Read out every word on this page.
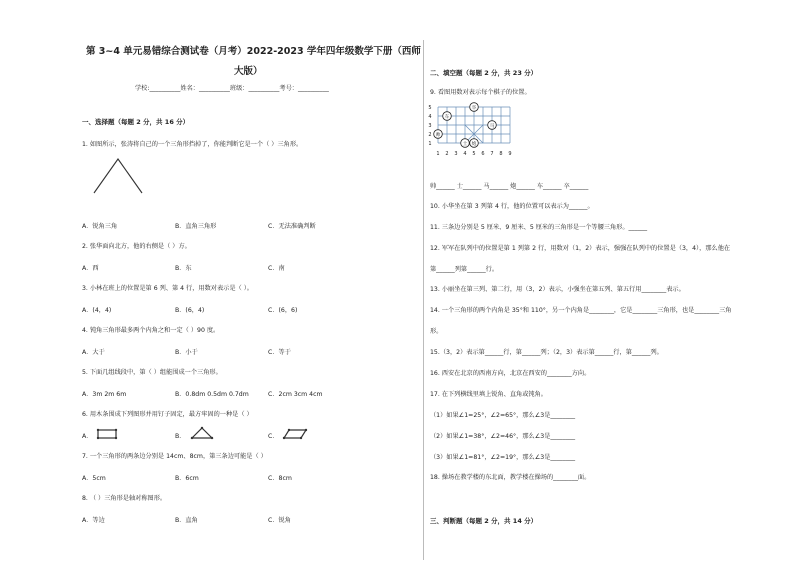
第 3~4 单元易错综合测试卷（月考）2022-2023 学年四年级数学下册（西师
大版）
学校:__________姓名：__________班级：__________考号：__________
一、选择题（每题 2 分，共 16 分）
1. 如图所示，张涛将自己的一个三角形挡掉了，你能判断它是一个（ ）三角形。
A．锐角三角	B．直角三角形	C．无法准确判断
2. 张华面向北方，他的右侧是（ ）方。
A．西	B．东	C．南
3. 小林在班上的位置是第 6 列、第 4 行，用数对表示是（ ）。
A．(4，4)	B．(6，4)	C．(6，6)
4. 钝角三角形最多两个内角之和一定（ ）90 度。
A．大于	B．小于	C．等于
5. 下面几组线段中，第（ ）组能围成一个三角形。
A．3m 2m 6m	B．0.8dm 0.5dm 0.7dm	C．2cm 3cm 4cm
6. 用木条围成下列图形并用钉子固定，最方牢固的一种是（ ）
A．	B．	C．
7. 一个三角形的两条边分别是 14cm、8cm，第三条边可能是（ ）
A．5cm	B．6cm	C．8cm
8. （ ）三角形是轴对称图形。
A．等边	B．直角	C．锐角
二、填空题（每题 2 分，共 23 分）
9. 看图用数对表示每个棋子的位置。
5
4
3
2
1
1 2 3 4 5 6 7 8 9
帅
车
卒
马
士 炮
帅______ 士______ 马______ 炮______ 车______ 卒______
10. 小华坐在第 3 列第 4 行，他的位置可以表示为______。
11. 三条边分别是 5 厘米、9 厘米、5 厘米的三角形是一个等腰三角形。______
12. 军军在队列中的位置是第 1 列第 2 行，用数对（1，2）表示，强强在队列中的位置是（3，4），那么他在
第______列第______行。
13. 小丽坐在第三列、第二行，用（3，2）表示，小强坐在第五列、第五行用________表示。
14. 一个三角形的两个内角是 35°和 110°，另一个内角是________，它是________三角形，也是________三角
形。
15.（3，2）表示第______行，第______列；（2，3）表示第______行，第______列。
16. 西安在北京的西南方向，北京在西安的________方向。
17. 在下列横线里填上锐角、直角或钝角。
（1）如果∠1=25°，∠2=65°，那么∠3是________
（2）如果∠1=38°，∠2=46°，那么∠3是________
（3）如果∠1=81°，∠2=19°，那么∠3是________
18. 操场在教学楼的东北面，教学楼在操场的________面。
三、判断题（每题 2 分，共 14 分）
